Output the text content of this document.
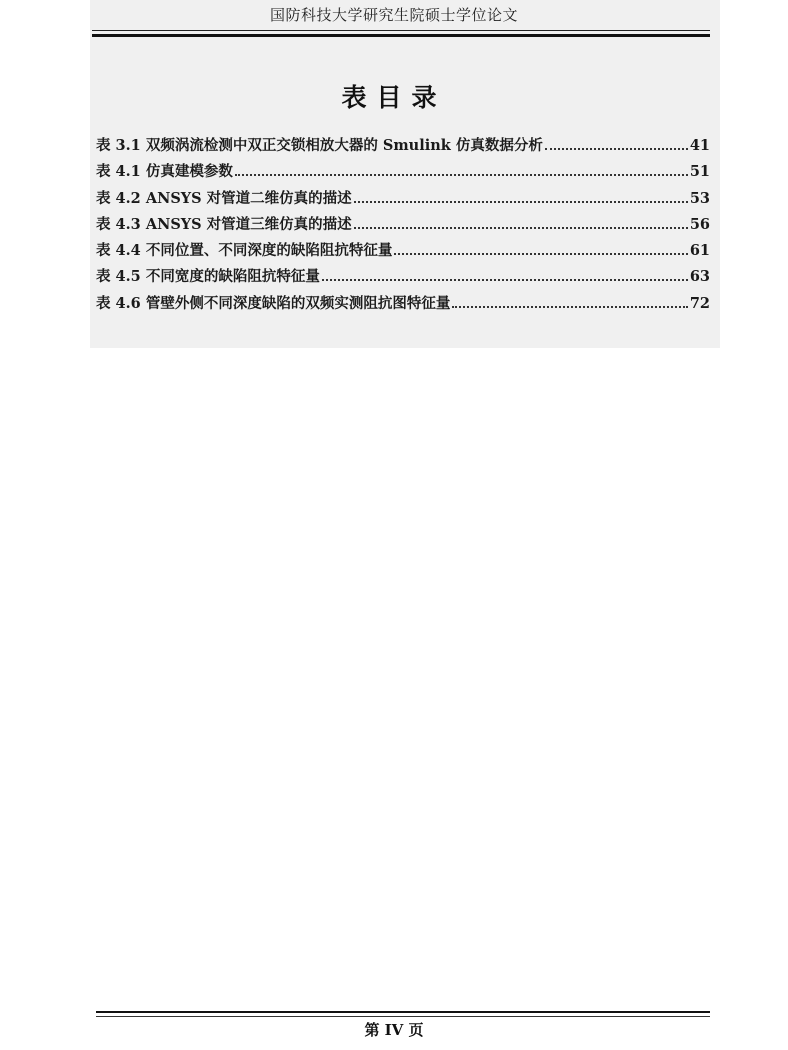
国防科技大学研究生院硕士学位论文
表目录
表 3.1 双频涡流检测中双正交锁相放大器的 Smulink 仿真数据分析	41
表 4.1 仿真建模参数	51
表 4.2 ANSYS 对管道二维仿真的描述	53
表 4.3 ANSYS 对管道三维仿真的描述	56
表 4.4 不同位置、不同深度的缺陷阻抗特征量	61
表 4.5 不同宽度的缺陷阻抗特征量	63
表 4.6 管壁外侧不同深度缺陷的双频实测阻抗图特征量	72
第 IV 页
